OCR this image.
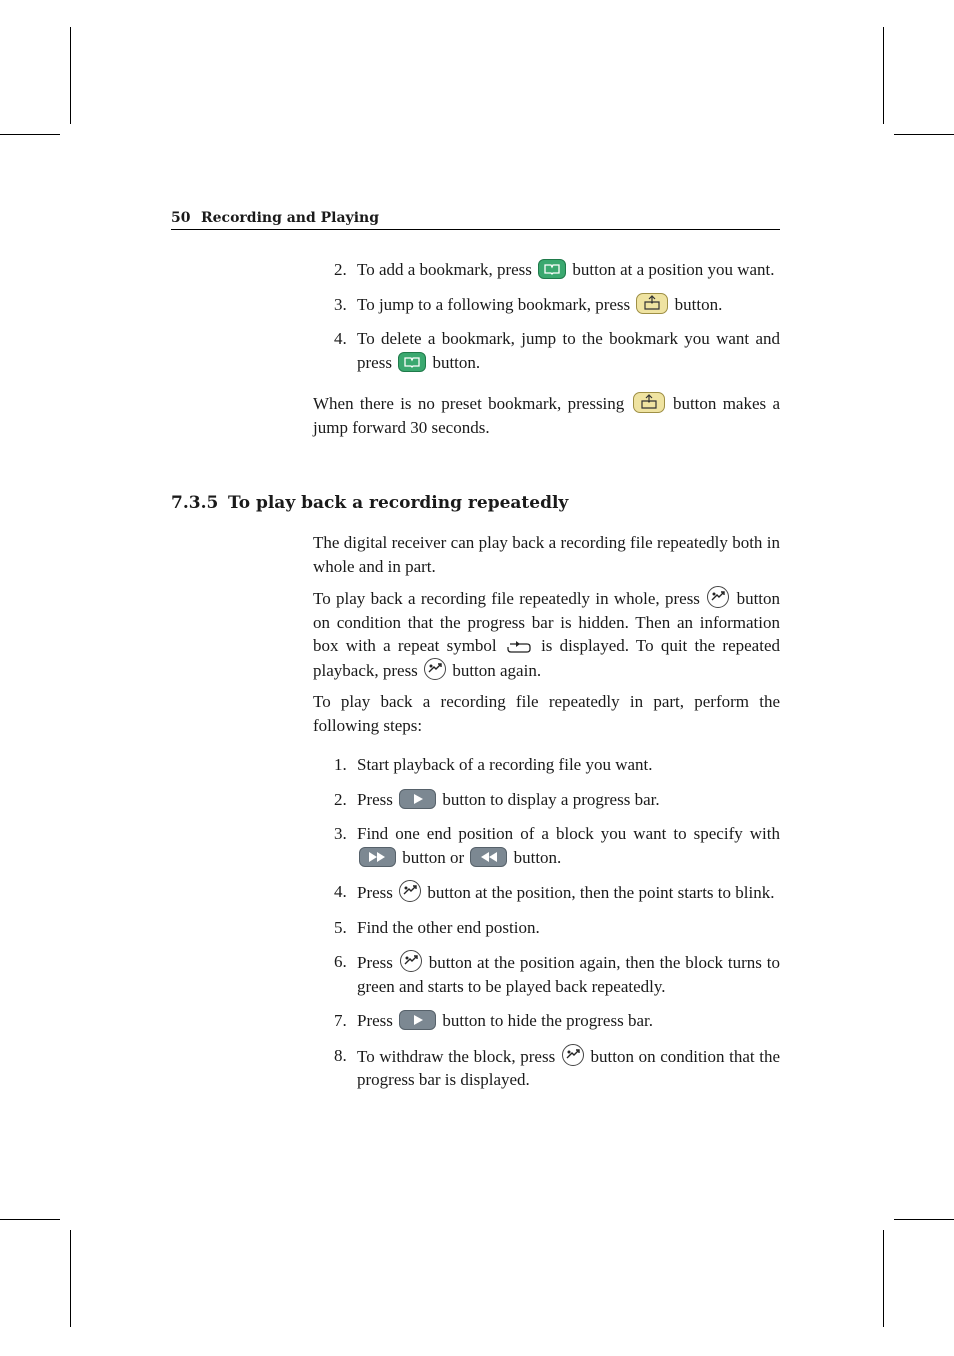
50 Recording and Playing
2. To add a bookmark, press button at a position you want.
3. To jump to a following bookmark, press	button.
4. To delete a bookmark, jump to the bookmark you want and press button.

When there is no preset bookmark, pressing	button makes a jump forward 30 seconds.

7.3.5 To play back a recording repeatedly

The digital receiver can play back a recording file repeatedly both in whole and in part.

To play back a recording file repeatedly in whole, press button on condition that the progress bar is hidden. Then an information box with a repeat symbol	is displayed. To quit the repeated playback, press button again.

To play back a recording file repeatedly in part, perform the following steps:

1. Start playback of a recording file you want.
2. Press	button to display a progress bar.
3. Find one end position of a block you want to specify with
button or	button.
4. Press button at the position, then the point starts to blink.
5. Find the other end postion.
6. Press button at the position again, then the block turns to green and starts to be played back repeatedly.
7. Press	button to hide the progress bar.
8. To withdraw the block, press button on condition that the progress bar is displayed.
